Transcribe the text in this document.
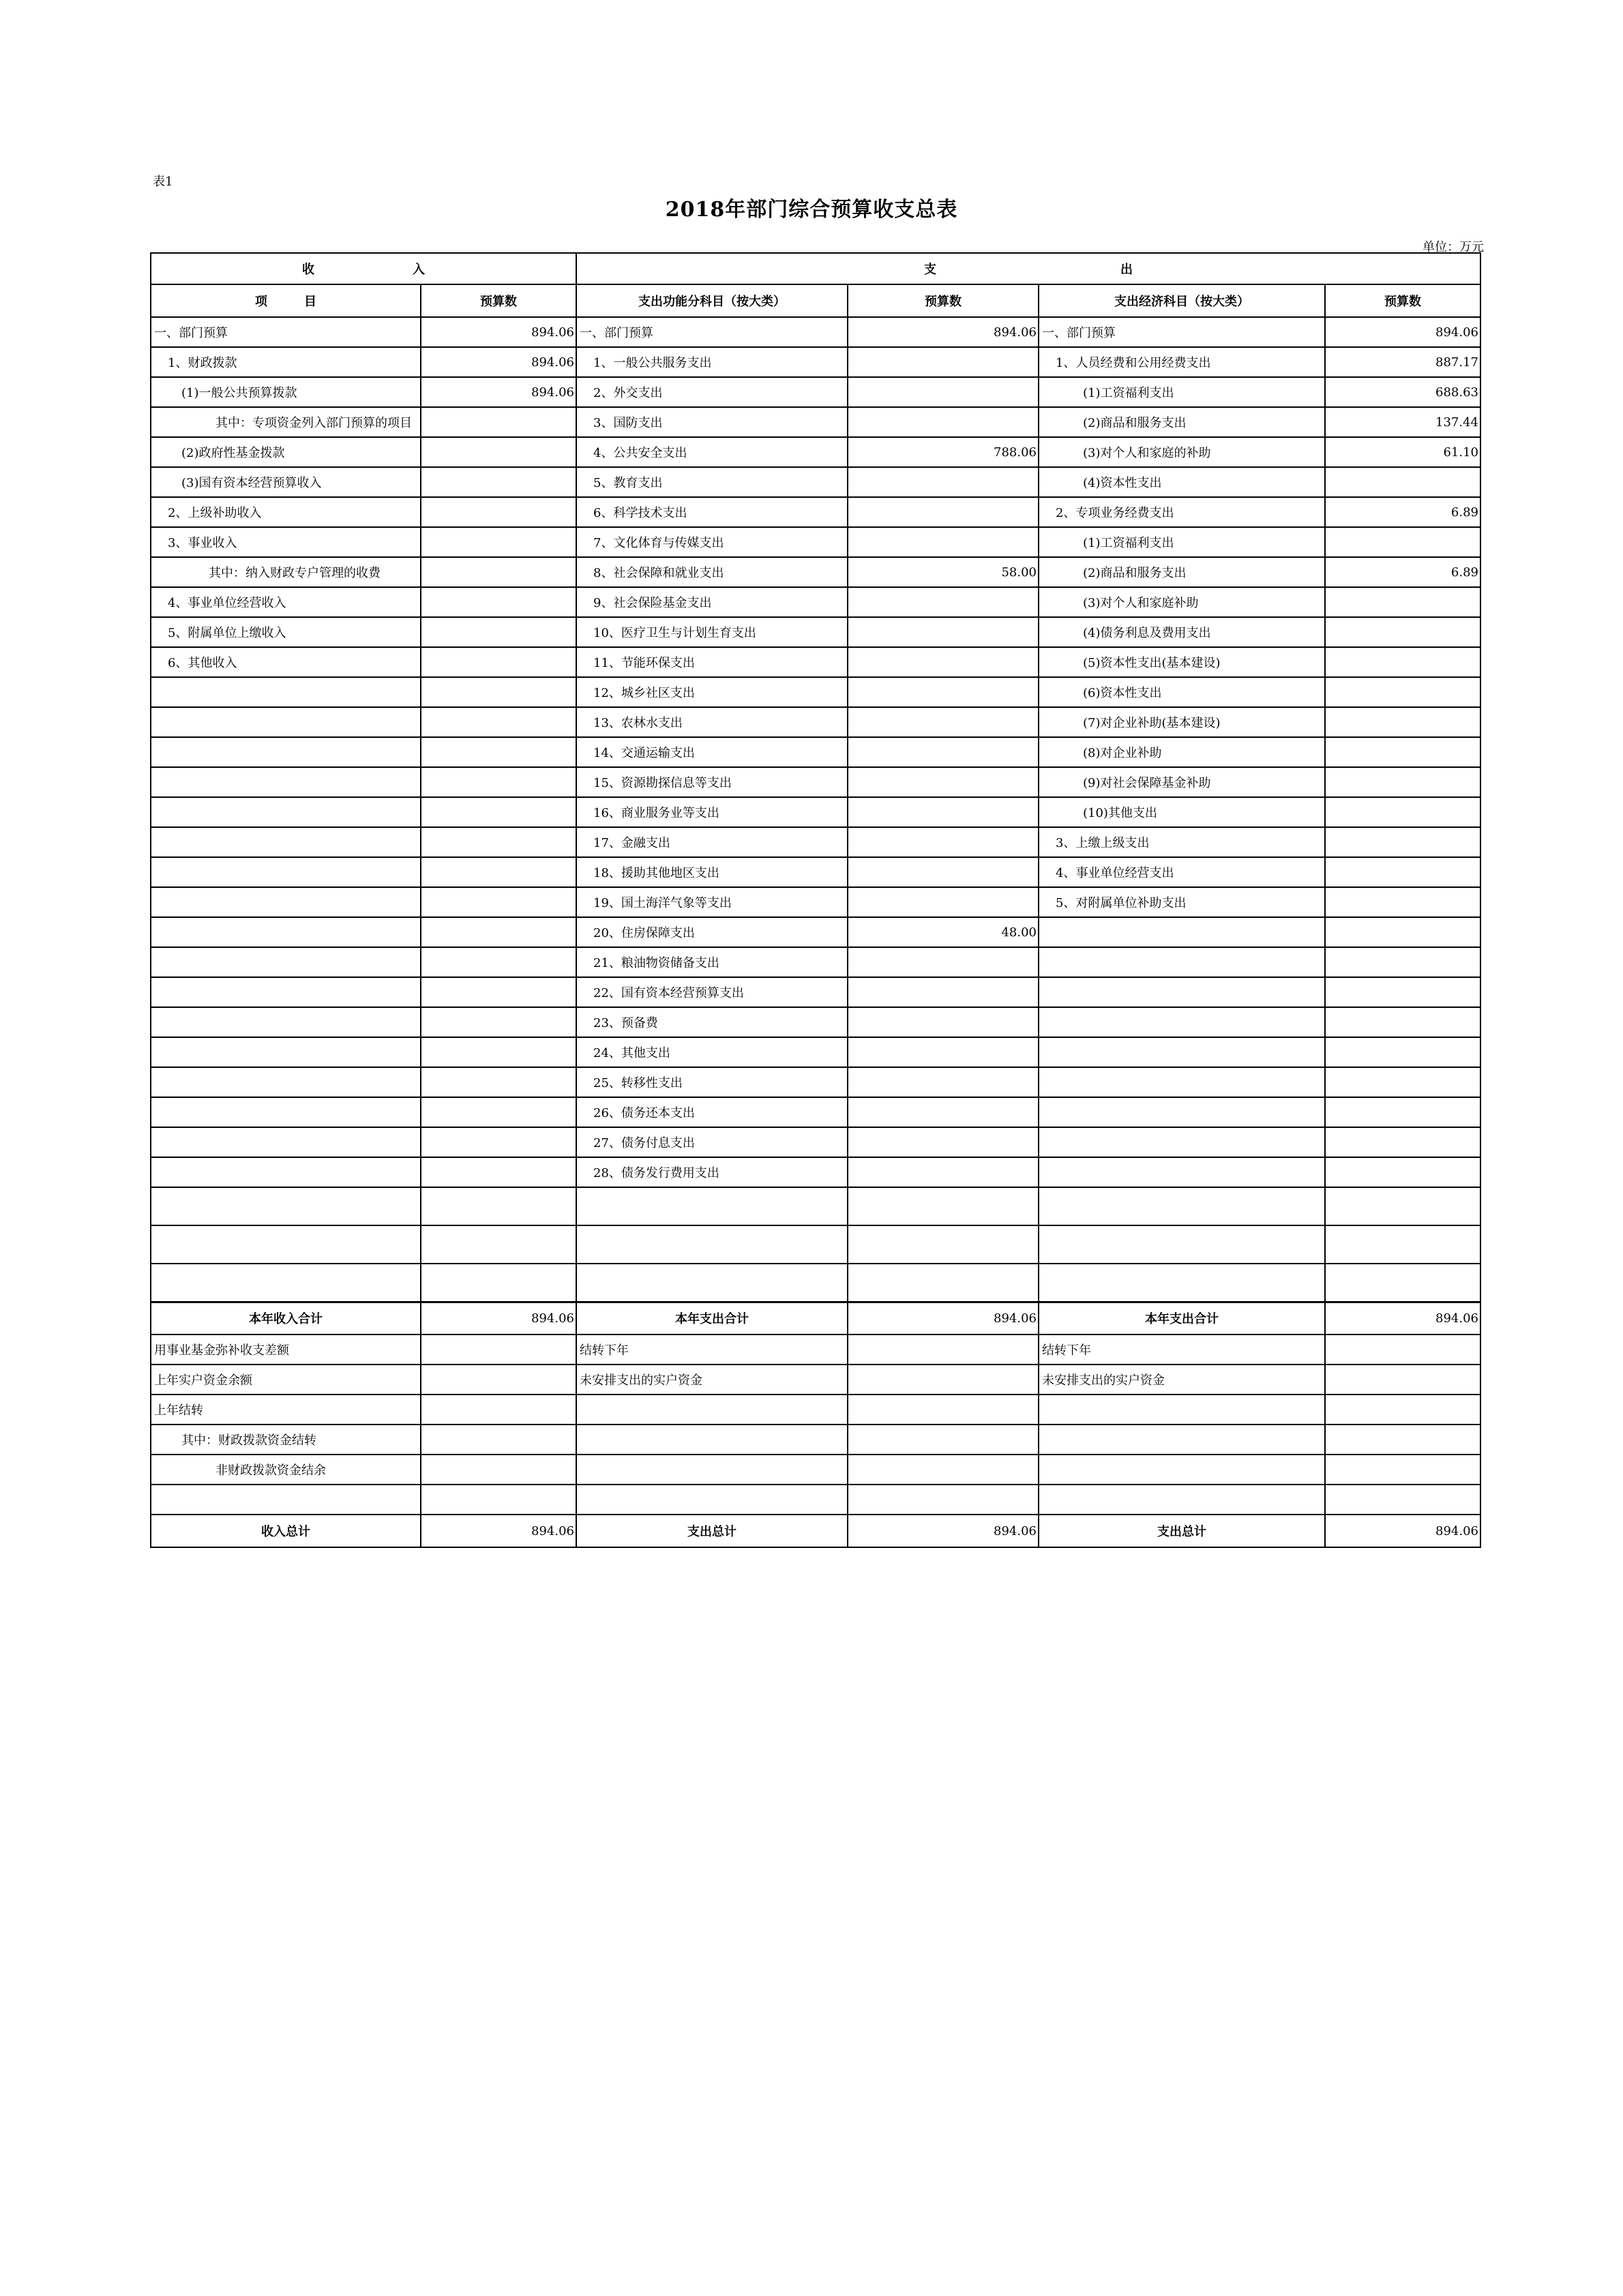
表1
2018年部门综合预算收支总表
单位：万元
收　　　　　　　　入		支　　　　　　　　　　　　　　　出			
项　　　目	预算数	支出功能分科目（按大类）	预算数	支出经济科目（按大类）	预算数
一、部门预算	894.06	一、部门预算	894.06	一、部门预算	894.06
1、财政拨款	894.06	1、一般公共服务支出		1、人员经费和公用经费支出	887.17
(1)一般公共预算拨款	894.06	2、外交支出		(1)工资福利支出	688.63
其中：专项资金列入部门预算的项目		3、国防支出		(2)商品和服务支出	137.44
(2)政府性基金拨款		4、公共安全支出	788.06	(3)对个人和家庭的补助	61.10
(3)国有资本经营预算收入		5、教育支出		(4)资本性支出	
2、上级补助收入		6、科学技术支出		2、专项业务经费支出	6.89
3、事业收入		7、文化体育与传媒支出		(1)工资福利支出	
其中：纳入财政专户管理的收费		8、社会保障和就业支出	58.00	(2)商品和服务支出	6.89
4、事业单位经营收入		9、社会保险基金支出		(3)对个人和家庭补助	
5、附属单位上缴收入		10、医疗卫生与计划生育支出		(4)债务利息及费用支出	
6、其他收入		11、节能环保支出		(5)资本性支出(基本建设)	
		12、城乡社区支出		(6)资本性支出	
		13、农林水支出		(7)对企业补助(基本建设)	
		14、交通运输支出		(8)对企业补助	
		15、资源勘探信息等支出		(9)对社会保障基金补助	
		16、商业服务业等支出		(10)其他支出	
		17、金融支出		3、上缴上级支出	
		18、援助其他地区支出		4、事业单位经营支出	
		19、国土海洋气象等支出		5、对附属单位补助支出	
		20、住房保障支出	48.00		
		21、粮油物资储备支出			
		22、国有资本经营预算支出			
		23、预备费			
		24、其他支出			
		25、转移性支出			
		26、债务还本支出			
		27、债务付息支出			
		28、债务发行费用支出			

本年收入合计	894.06	本年支出合计	894.06	本年支出合计	894.06
用事业基金弥补收支差额		结转下年		结转下年	
上年实户资金余额		未安排支出的实户资金		未安排支出的实户资金	
上年结转					
其中：财政拨款资金结转					
非财政拨款资金结余					

收入总计	894.06	支出总计	894.06	支出总计	894.06
